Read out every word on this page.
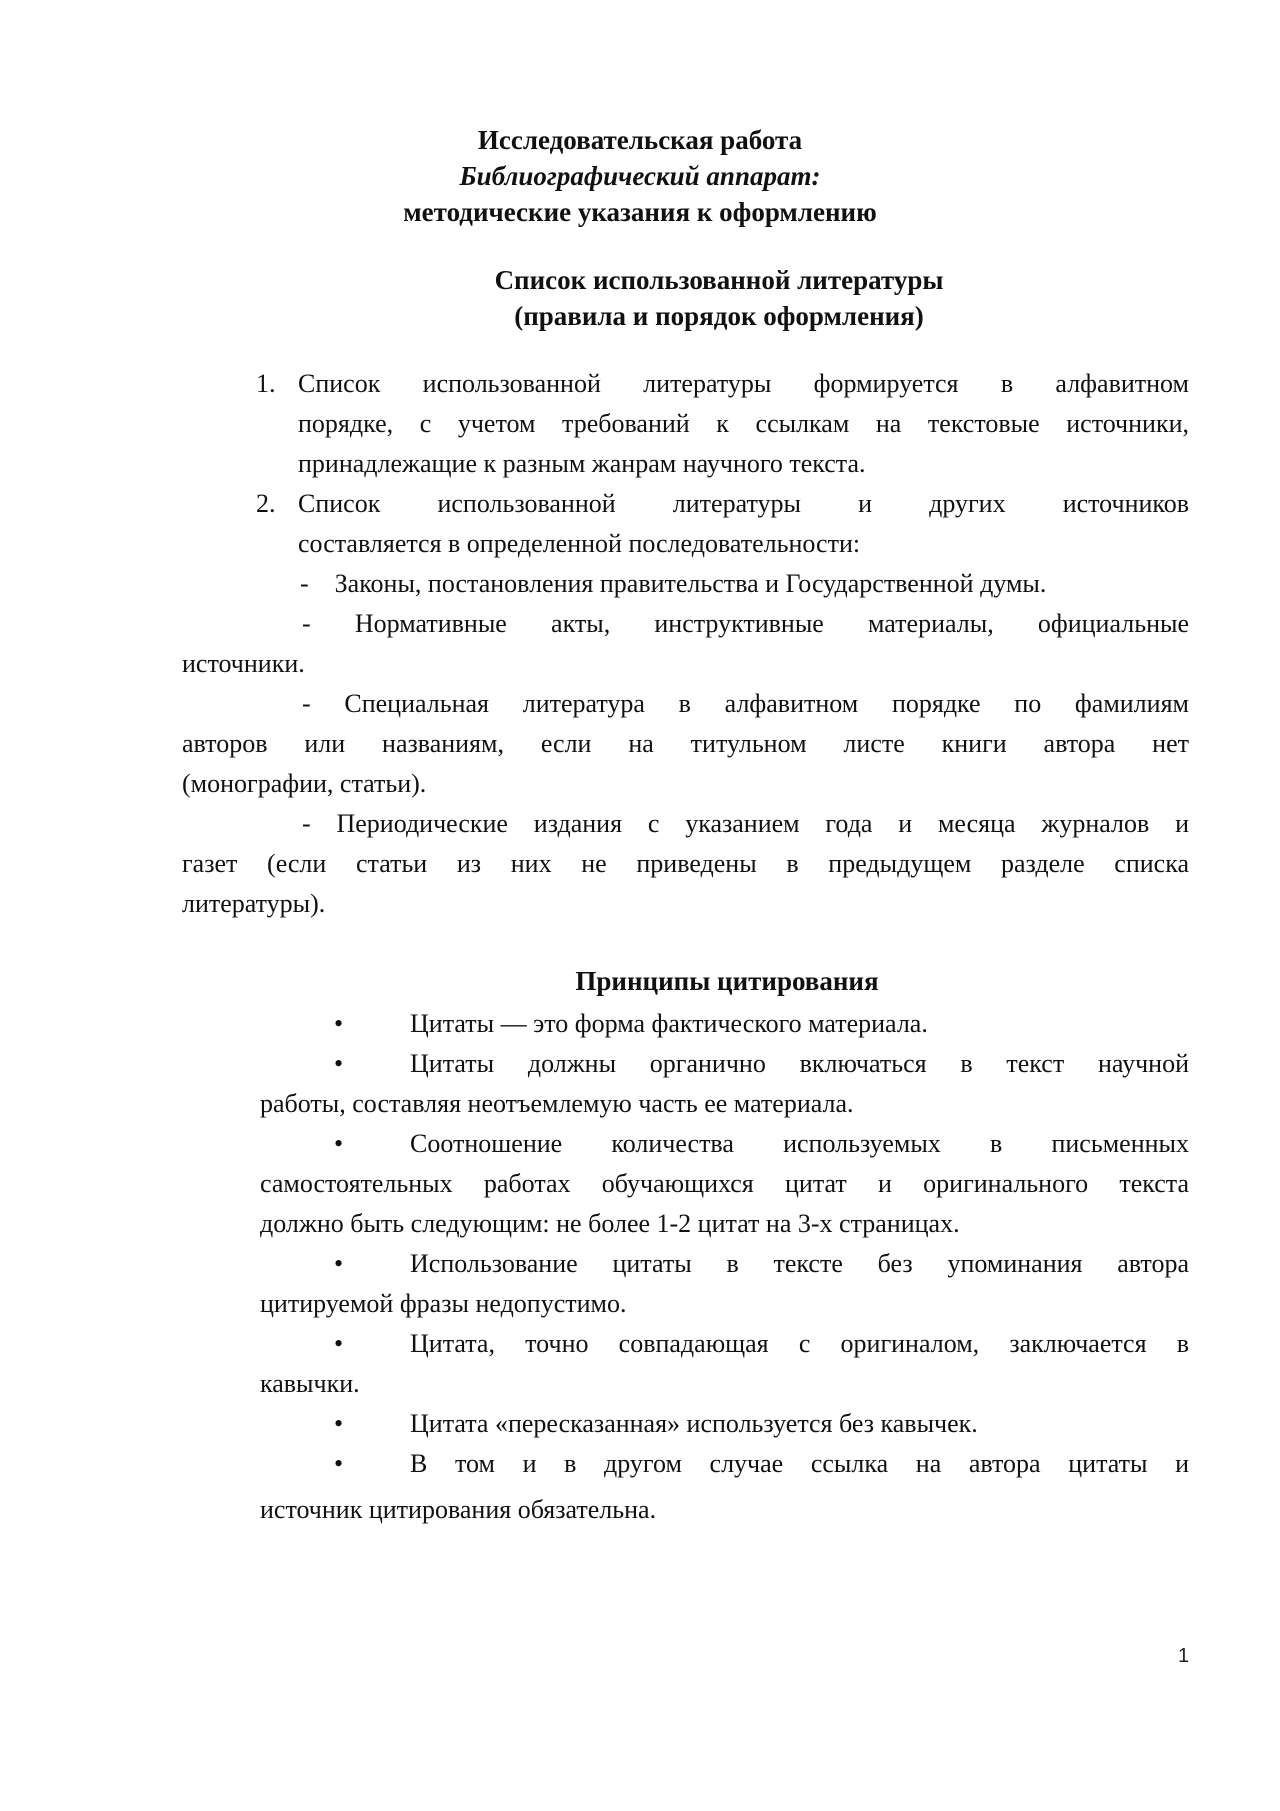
Исследовательская работа
Библиографический аппарат:
методические указания к оформлению
Список использованной литературы
(правила и порядок оформления)
1. Список использованной литературы формируется в алфавитном
порядке, с учетом требований к ссылкам на текстовые источники,
принадлежащие к разным жанрам научного текста.
2. Список использованной литературы и других источников
составляется в определенной последовательности:
-    Законы, постановления правительства и Государственной думы.
- Нормативные акты, инструктивные материалы, официальные
источники.
- Специальная литература в алфавитном порядке по фамилиям
авторов или названиям, если на титульном листе книги автора нет
(монографии, статьи).
- Периодические издания с указанием года и месяца журналов и
газет (если статьи из них не приведены в предыдущем разделе списка
литературы).
Принципы цитирования
•	Цитаты — это форма фактического материала.
•	Цитаты должны органично включаться в текст научной
работы, составляя неотъемлемую часть ее материала.
•	Соотношение количества используемых в письменных
самостоятельных работах обучающихся цитат и оригинального текста
должно быть следующим: не более 1-2 цитат на 3-х страницах.
•	Использование цитаты в тексте без упоминания автора
цитируемой фразы недопустимо.
•	Цитата, точно совпадающая с оригиналом, заключается в
кавычки.
•	Цитата «пересказанная» используется без кавычек.
•	В том и в другом случае ссылка на автора цитаты и
источник цитирования обязательна.
1
